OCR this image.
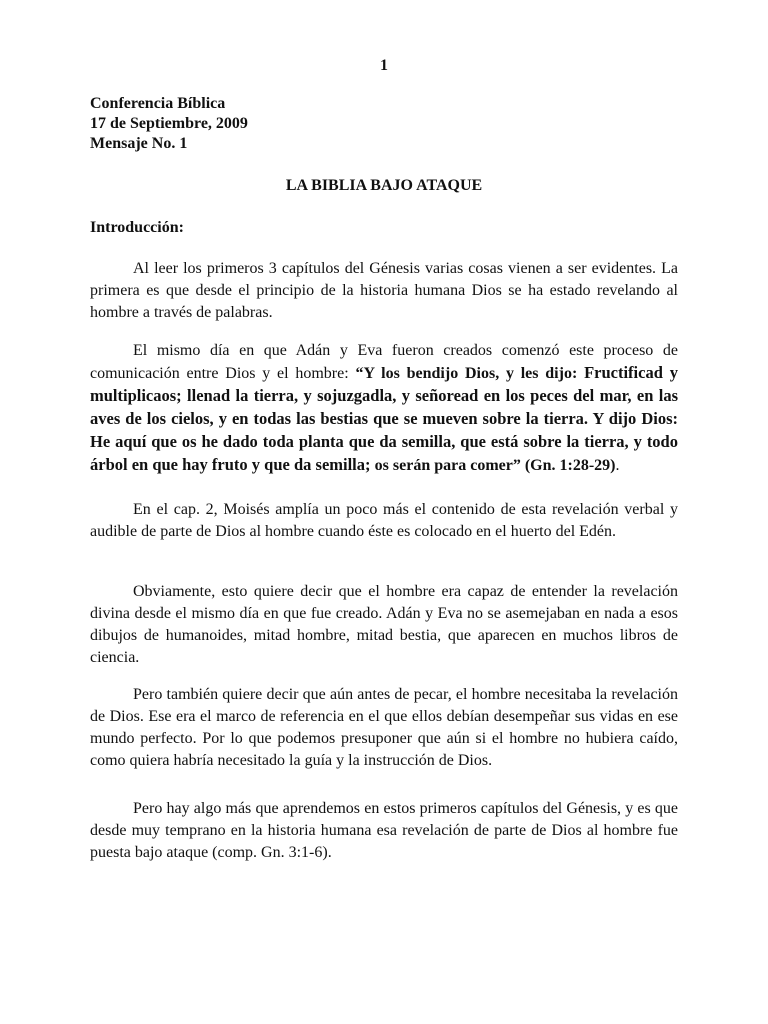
1
Conferencia Bíblica
17 de Septiembre, 2009
Mensaje No. 1
LA BIBLIA BAJO ATAQUE
Introducción:

Al leer los primeros 3 capítulos del Génesis varias cosas vienen a ser evidentes. La primera es que desde el principio de la historia humana Dios se ha estado revelando al hombre a través de palabras.

El mismo día en que Adán y Eva fueron creados comenzó este proceso de comunicación entre Dios y el hombre: “Y los bendijo Dios, y les dijo: Fructificad y multiplicaos; llenad la tierra, y sojuzgadla, y señoread en los peces del mar, en las aves de los cielos, y en todas las bestias que se mueven sobre la tierra. Y dijo Dios: He aquí que os he dado toda planta que da semilla, que está sobre la tierra, y todo árbol en que hay fruto y que da semilla; os serán para comer” (Gn. 1:28-29).

En el cap. 2, Moisés amplía un poco más el contenido de esta revelación verbal y audible de parte de Dios al hombre cuando éste es colocado en el huerto del Edén.

Obviamente, esto quiere decir que el hombre era capaz de entender la revelación divina desde el mismo día en que fue creado. Adán y Eva no se asemejaban en nada a esos dibujos de humanoides, mitad hombre, mitad bestia, que aparecen en muchos libros de ciencia.

Pero también quiere decir que aún antes de pecar, el hombre necesitaba la revelación de Dios. Ese era el marco de referencia en el que ellos debían desempeñar sus vidas en ese mundo perfecto. Por lo que podemos presuponer que aún si el hombre no hubiera caído, como quiera habría necesitado la guía y la instrucción de Dios.

Pero hay algo más que aprendemos en estos primeros capítulos del Génesis, y es que desde muy temprano en la historia humana esa revelación de parte de Dios al hombre fue puesta bajo ataque (comp. Gn. 3:1-6).
